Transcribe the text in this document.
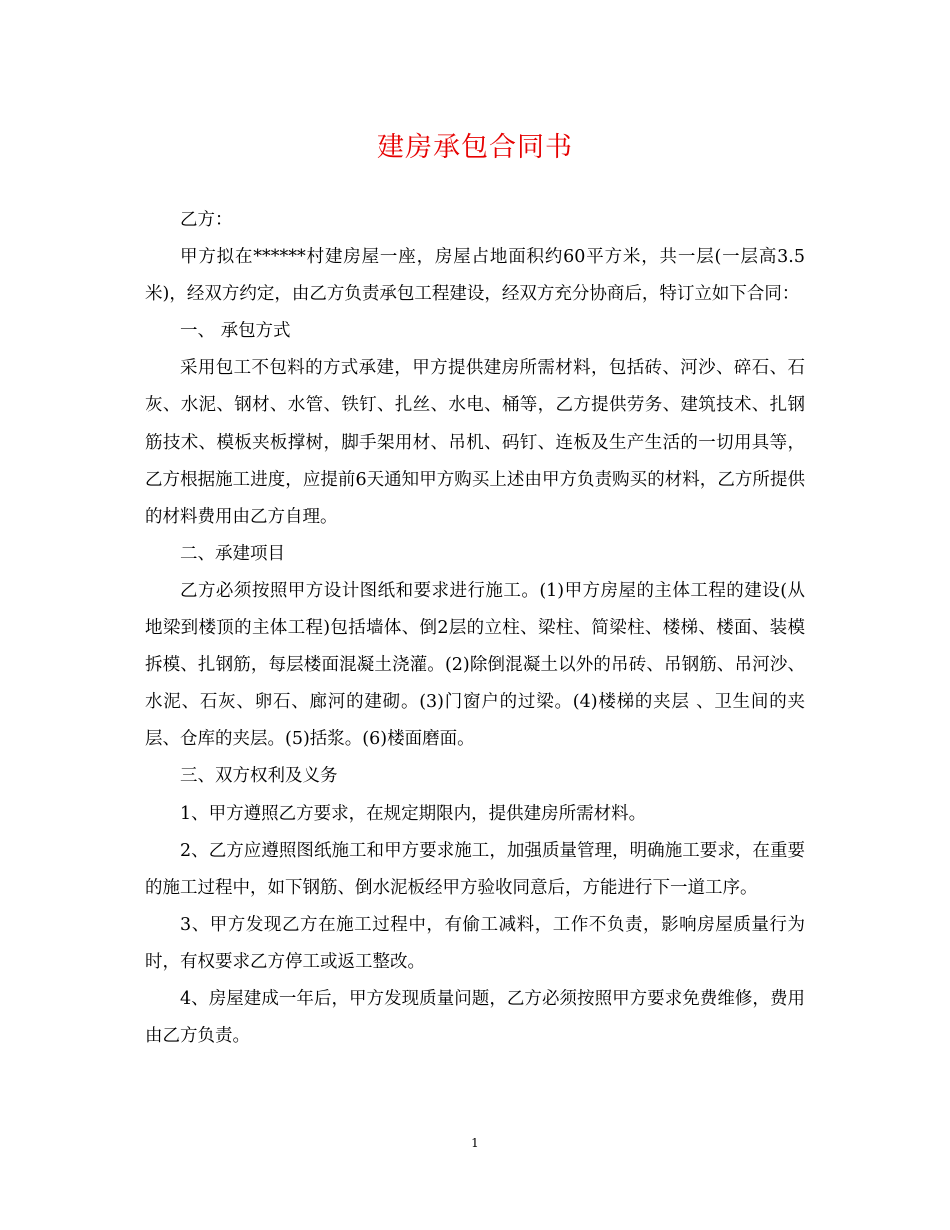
建房承包合同书

乙方：

甲方拟在******村建房屋一座，房屋占地面积约60平方米，共一层(一层高3.5米)，经双方约定，由乙方负责承包工程建设，经双方充分协商后，特订立如下合同：

一、 承包方式

采用包工不包料的方式承建，甲方提供建房所需材料，包括砖、河沙、碎石、石灰、水泥、钢材、水管、铁钉、扎丝、水电、桶等，乙方提供劳务、建筑技术、扎钢筋技术、模板夹板撑树，脚手架用材、吊机、码钉、连板及生产生活的一切用具等，乙方根据施工进度，应提前6天通知甲方购买上述由甲方负责购买的材料，乙方所提供的材料费用由乙方自理。

二、承建项目

乙方必须按照甲方设计图纸和要求进行施工。(1)甲方房屋的主体工程的建设(从地梁到楼顶的主体工程)包括墙体、倒2层的立柱、梁柱、简梁柱、楼梯、楼面、装模拆模、扎钢筋，每层楼面混凝土浇灌。(2)除倒混凝土以外的吊砖、吊钢筋、吊河沙、水泥、石灰、卵石、廊河的建砌。(3)门窗户的过梁。(4)楼梯的夹层 、卫生间的夹层、仓库的夹层。(5)括浆。(6)楼面磨面。

三、双方权利及义务

1、甲方遵照乙方要求，在规定期限内，提供建房所需材料。

2、乙方应遵照图纸施工和甲方要求施工，加强质量管理，明确施工要求，在重要的施工过程中，如下钢筋、倒水泥板经甲方验收同意后，方能进行下一道工序。

3、甲方发现乙方在施工过程中，有偷工减料，工作不负责，影响房屋质量行为时，有权要求乙方停工或返工整改。

4、房屋建成一年后，甲方发现质量问题，乙方必须按照甲方要求免费维修，费用由乙方负责。

1
